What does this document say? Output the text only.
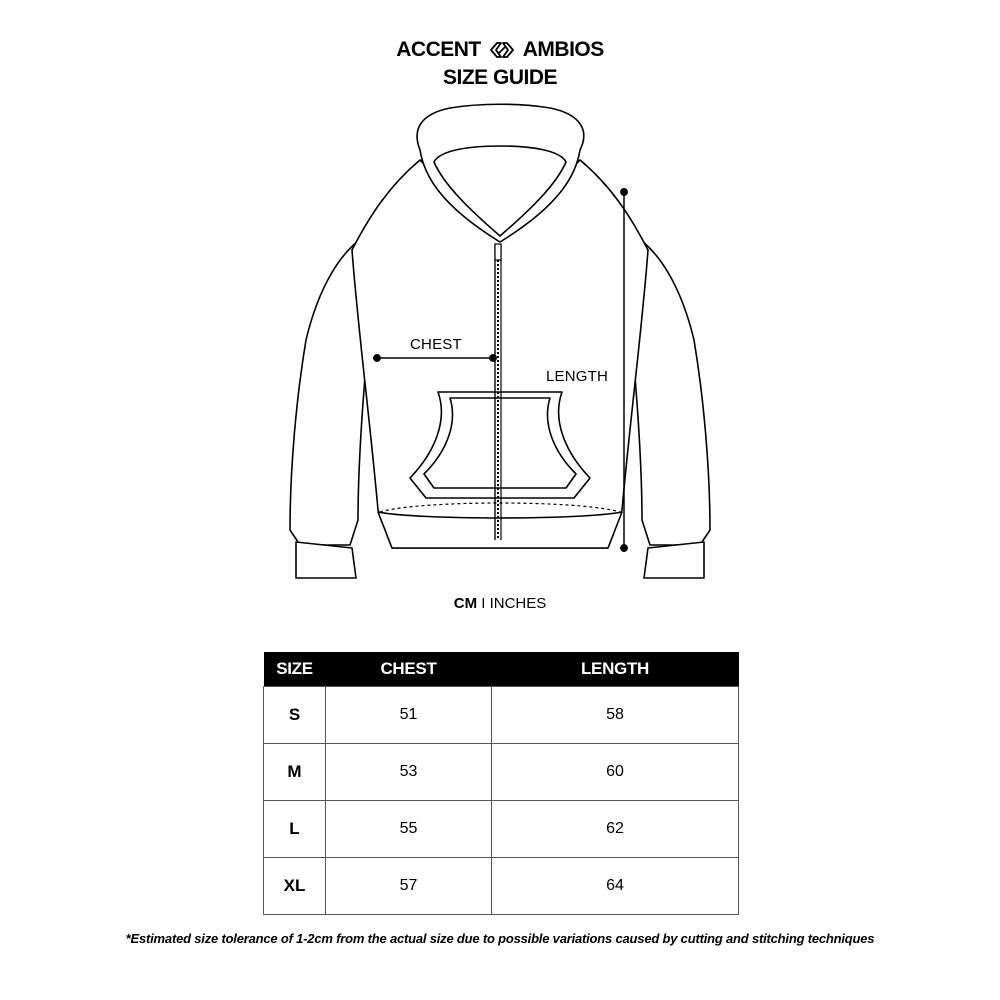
ACCENT AMBIOS
SIZE GUIDE
CHEST
LENGTH
CM I INCHES
SIZE	CHEST	LENGTH
S	51	58
M	53	60
L	55	62
XL	57	64
*Estimated size tolerance of 1-2cm from the actual size due to possible variations caused by cutting and stitching techniques
